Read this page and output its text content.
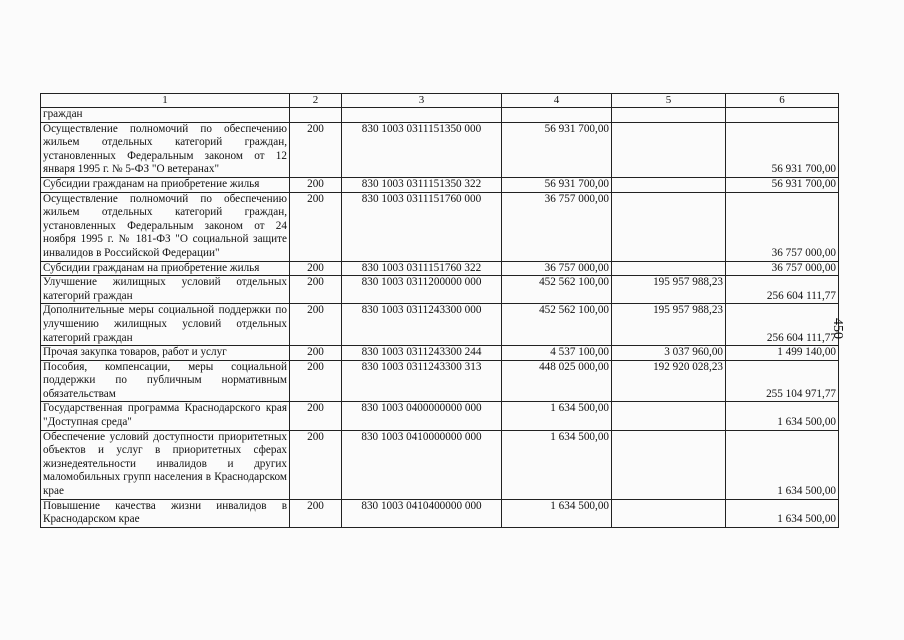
1	2	3	4	5	6
граждан					
Осуществление полномочий по обеспечению жильем отдельных категорий граждан, установленных Федеральным законом от 12 января 1995 г. № 5-ФЗ "О ветеранах"	200	830 1003 0311151350 000	56 931 700,00		56 931 700,00
Субсидии гражданам на приобретение жилья	200	830 1003 0311151350 322	56 931 700,00		56 931 700,00
Осуществление полномочий по обеспечению жильем отдельных категорий граждан, установленных Федеральным законом от 24 ноября 1995 г. № 181-ФЗ "О социальной защите инвалидов в Российской Федерации"	200	830 1003 0311151760 000	36 757 000,00		36 757 000,00
Субсидии гражданам на приобретение жилья	200	830 1003 0311151760 322	36 757 000,00		36 757 000,00
Улучшение жилищных условий отдельных категорий граждан	200	830 1003 0311200000 000	452 562 100,00	195 957 988,23	256 604 111,77
Дополнительные меры социальной поддержки по улучшению жилищных условий отдельных категорий граждан	200	830 1003 0311243300 000	452 562 100,00	195 957 988,23	256 604 111,77
Прочая закупка товаров, работ и услуг	200	830 1003 0311243300 244	4 537 100,00	3 037 960,00	1 499 140,00
Пособия, компенсации, меры социальной поддержки по публичным нормативным обязательствам	200	830 1003 0311243300 313	448 025 000,00	192 920 028,23	255 104 971,77
Государственная программа Краснодарского края "Доступная среда"	200	830 1003 0400000000 000	1 634 500,00		1 634 500,00
Обеспечение условий доступности приоритетных объектов и услуг в приоритетных сферах жизнедеятельности инвалидов и других маломобильных групп населения в Краснодарском крае	200	830 1003 0410000000 000	1 634 500,00		1 634 500,00
Повышение качества жизни инвалидов в Краснодарском крае	200	830 1003 0410400000 000	1 634 500,00		1 634 500,00
450
